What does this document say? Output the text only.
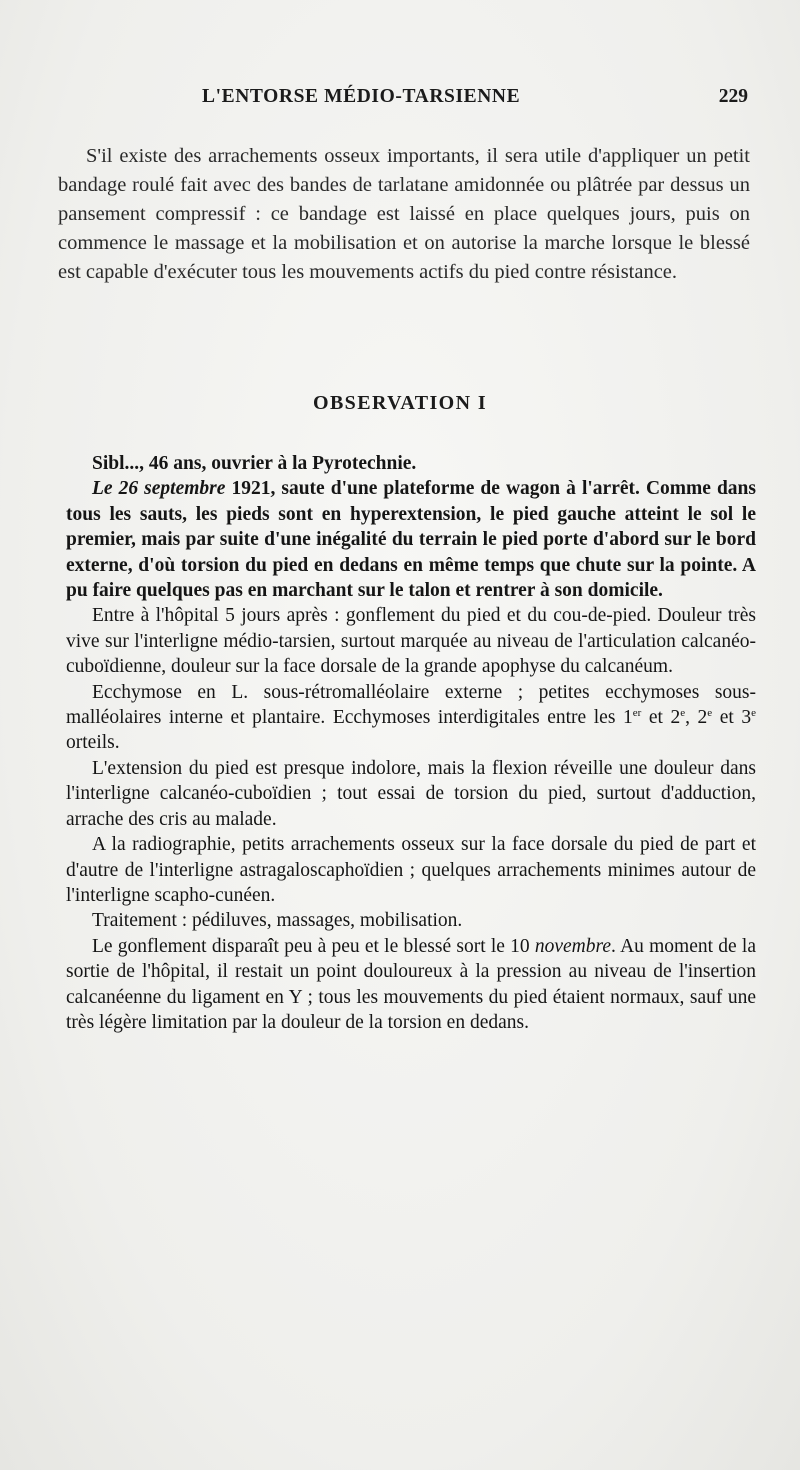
L'ENTORSE MÉDIO-TARSIENNE	229

S'il existe des arrachements osseux importants, il sera utile d'appliquer un petit bandage roulé fait avec des bandes de tarlatane amidonnée ou plâtrée par dessus un pansement compressif : ce bandage est laissé en place quelques jours, puis on commence le massage et la mobilisation et on autorise la marche lorsque le blessé est capable d'exécuter tous les mouvements actifs du pied contre résistance.

OBSERVATION I

Sibl..., 46 ans, ouvrier à la Pyrotechnie.

Le 26 septembre 1921, saute d'une plateforme de wagon à l'arrêt. Comme dans tous les sauts, les pieds sont en hyperextension, le pied gauche atteint le sol le premier, mais par suite d'une inégalité du terrain le pied porte d'abord sur le bord externe, d'où torsion du pied en dedans en même temps que chute sur la pointe. A pu faire quelques pas en marchant sur le talon et rentrer à son domicile.

Entre à l'hôpital 5 jours après : gonflement du pied et du cou-de-pied. Douleur très vive sur l'interligne médio-tarsien, surtout marquée au niveau de l'articulation calcanéo-cuboïdienne, douleur sur la face dorsale de la grande apophyse du calcanéum.

Ecchymose en L. sous-rétromalléolaire externe ; petites ecchymoses sous-malléolaires interne et plantaire. Ecchymoses interdigitales entre les 1er et 2e, 2e et 3e orteils.

L'extension du pied est presque indolore, mais la flexion réveille une douleur dans l'interligne calcanéo-cuboïdien ; tout essai de torsion du pied, surtout d'adduction, arrache des cris au malade.

A la radiographie, petits arrachements osseux sur la face dorsale du pied de part et d'autre de l'interligne astragaloscaphoïdien ; quelques arrachements minimes autour de l'interligne scapho-cunéen.

Traitement : pédiluves, massages, mobilisation.

Le gonflement disparaît peu à peu et le blessé sort le 10 novembre. Au moment de la sortie de l'hôpital, il restait un point douloureux à la pression au niveau de l'insertion calcanéenne du ligament en Y ; tous les mouvements du pied étaient normaux, sauf une très légère limitation par la douleur de la torsion en dedans.
